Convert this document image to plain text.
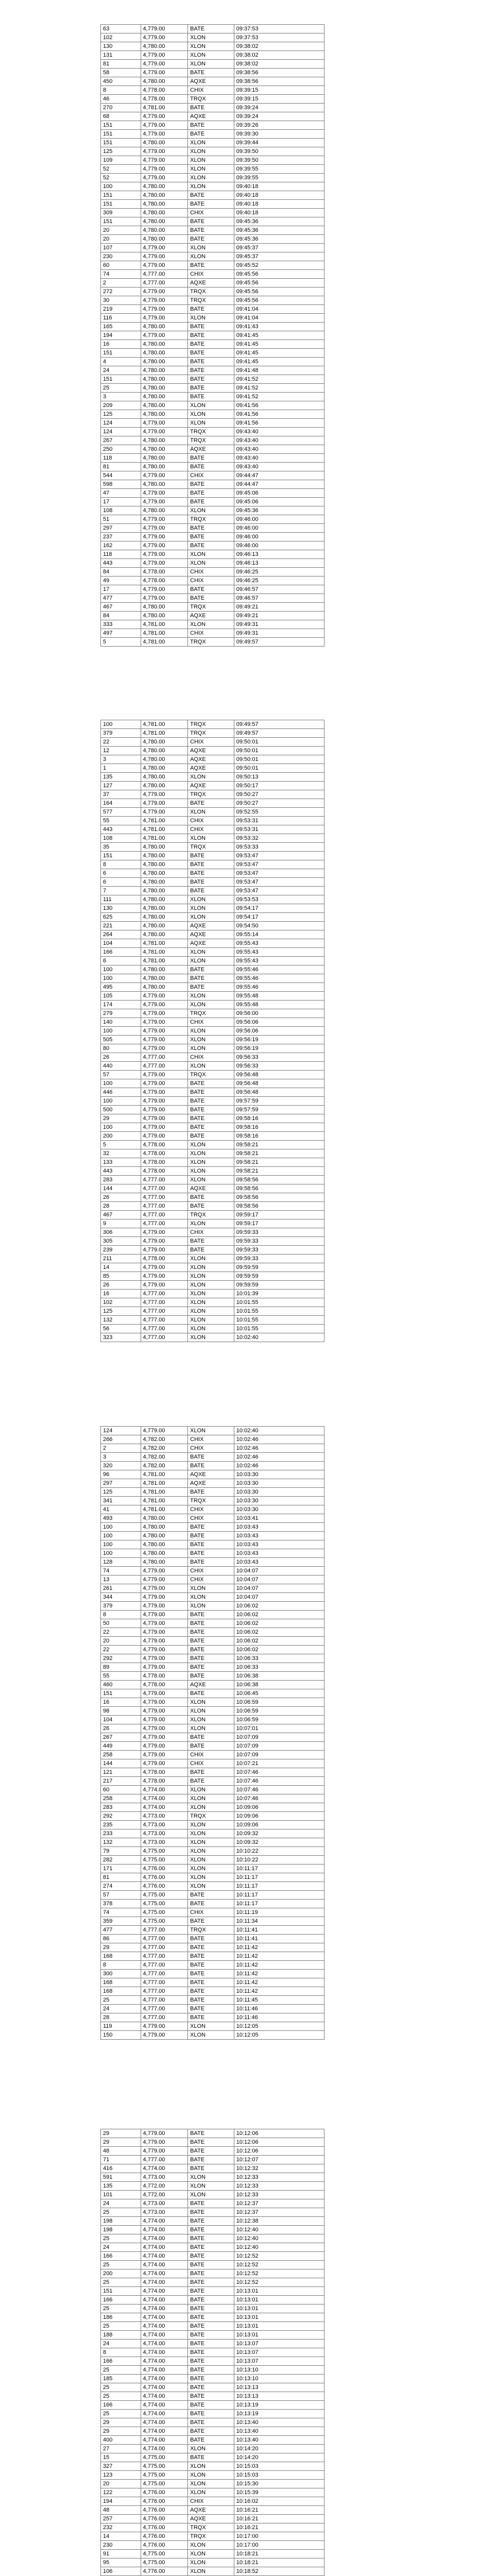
63	4,779.00	BATE	09:37:53
102	4,779.00	XLON	09:37:53
130	4,780.00	XLON	09:38:02
131	4,779.00	XLON	09:38:02
81	4,779.00	XLON	09:38:02
58	4,779.00	BATE	09:38:56
450	4,780.00	AQXE	09:38:56
8	4,778.00	CHIX	09:39:15
46	4,778.00	TRQX	09:39:15
270	4,781.00	BATE	09:39:24
68	4,779.00	AQXE	09:39:24
151	4,779.00	BATE	09:39:26
151	4,779.00	BATE	09:39:30
151	4,780.00	XLON	09:39:44
125	4,779.00	XLON	09:39:50
109	4,779.00	XLON	09:39:50
52	4,779.00	XLON	09:39:55
52	4,779.00	XLON	09:39:55
100	4,780.00	XLON	09:40:18
151	4,780.00	BATE	09:40:18
151	4,780.00	BATE	09:40:18
309	4,780.00	CHIX	09:40:18
151	4,780.00	BATE	09:45:36
20	4,780.00	BATE	09:45:36
20	4,780.00	BATE	09:45:36
107	4,779.00	XLON	09:45:37
230	4,779.00	XLON	09:45:37
60	4,779.00	BATE	09:45:52
74	4,777.00	CHIX	09:45:56
2	4,777.00	AQXE	09:45:56
272	4,779.00	TRQX	09:45:56
30	4,779.00	TRQX	09:45:56
219	4,779.00	BATE	09:41:04
116	4,779.00	XLON	09:41:04
165	4,780.00	BATE	09:41:43
194	4,779.00	BATE	09:41:45
16	4,780.00	BATE	09:41:45
151	4,780.00	BATE	09:41:45
4	4,780.00	BATE	09:41:45
24	4,780.00	BATE	09:41:48
151	4,780.00	BATE	09:41:52
25	4,780.00	BATE	09:41:52
3	4,780.00	BATE	09:41:52
209	4,780.00	XLON	09:41:56
125	4,780.00	XLON	09:41:56
124	4,779.00	XLON	09:41:56
124	4,779.00	TRQX	09:43:40
267	4,780.00	TRQX	09:43:40
250	4,780.00	AQXE	09:43:40
118	4,780.00	BATE	09:43:40
81	4,780.00	BATE	09:43:40
544	4,779.00	CHIX	09:44:47
598	4,780.00	BATE	09:44:47
47	4,779.00	BATE	09:45:06
17	4,779.00	BATE	09:45:06
108	4,780.00	XLON	09:45:36
51	4,779.00	TRQX	09:46:00
297	4,779.00	BATE	09:46:00
237	4,779.00	BATE	09:46:00
162	4,779.00	BATE	09:46:00
118	4,779.00	XLON	09:46:13
443	4,779.00	XLON	09:46:13
84	4,778.00	CHIX	09:46:25
49	4,778.00	CHIX	09:46:25
17	4,779.00	BATE	09:46:57
477	4,779.00	BATE	09:46:57
467	4,780.00	TRQX	09:49:21
84	4,780.00	AQXE	09:49:21
333	4,781.00	XLON	09:49:31
497	4,781.00	CHIX	09:49:31
5	4,781.00	TRQX	09:49:57
100	4,781.00	TRQX	09:49:57
379	4,781.00	TRQX	09:49:57
22	4,780.00	CHIX	09:50:01
12	4,780.00	AQXE	09:50:01
3	4,780.00	AQXE	09:50:01
1	4,780.00	AQXE	09:50:01
135	4,780.00	XLON	09:50:13
127	4,780.00	AQXE	09:50:17
37	4,779.00	TRQX	09:50:27
164	4,779.00	BATE	09:50:27
577	4,779.00	XLON	09:52:55
55	4,781.00	CHIX	09:53:31
443	4,781.00	CHIX	09:53:31
108	4,781.00	XLON	09:53:32
35	4,780.00	TRQX	09:53:33
151	4,780.00	BATE	09:53:47
8	4,780.00	BATE	09:53:47
6	4,780.00	BATE	09:53:47
6	4,780.00	BATE	09:53:47
7	4,780.00	BATE	09:53:47
111	4,780.00	XLON	09:53:53
130	4,780.00	XLON	09:54:17
625	4,780.00	XLON	09:54:17
221	4,780.00	AQXE	09:54:50
264	4,780.00	AQXE	09:55:14
104	4,781.00	AQXE	09:55:43
166	4,781.00	XLON	09:55:43
6	4,781.00	XLON	09:55:43
100	4,780.00	BATE	09:55:46
100	4,780.00	BATE	09:55:46
495	4,780.00	BATE	09:55:46
105	4,779.00	XLON	09:55:48
174	4,779.00	XLON	09:55:48
279	4,779.00	TRQX	09:56:00
140	4,779.00	CHIX	09:56:06
100	4,779.00	XLON	09:56:06
505	4,779.00	XLON	09:56:19
80	4,779.00	XLON	09:56:19
26	4,777.00	CHIX	09:56:33
440	4,777.00	XLON	09:56:33
57	4,779.00	TRQX	09:56:48
100	4,779.00	BATE	09:56:48
446	4,779.00	BATE	09:56:48
100	4,779.00	BATE	09:57:59
500	4,779.00	BATE	09:57:59
29	4,779.00	BATE	09:58:16
100	4,779.00	BATE	09:58:16
200	4,779.00	BATE	09:58:16
5	4,778.00	XLON	09:58:21
32	4,778.00	XLON	09:58:21
133	4,778.00	XLON	09:58:21
443	4,778.00	XLON	09:58:21
283	4,777.00	XLON	09:58:56
144	4,777.00	AQXE	09:58:56
26	4,777.00	BATE	09:58:56
28	4,777.00	BATE	09:58:56
467	4,777.00	TRQX	09:59:17
9	4,777.00	XLON	09:59:17
306	4,779.00	CHIX	09:59:33
305	4,779.00	BATE	09:59:33
239	4,779.00	BATE	09:59:33
211	4,778.00	XLON	09:59:33
14	4,779.00	XLON	09:59:59
85	4,779.00	XLON	09:59:59
26	4,779.00	XLON	09:59:59
16	4,777.00	XLON	10:01:39
102	4,777.00	XLON	10:01:55
125	4,777.00	XLON	10:01:55
132	4,777.00	XLON	10:01:55
56	4,777.00	XLON	10:01:55
323	4,777.00	XLON	10:02:40
124	4,779.00	XLON	10:02:40
266	4,782.00	CHIX	10:02:46
2	4,782.00	CHIX	10:02:46
3	4,782.00	BATE	10:02:46
320	4,782.00	BATE	10:02:46
96	4,781.00	AQXE	10:03:30
297	4,781.00	AQXE	10:03:30
125	4,781.00	BATE	10:03:30
341	4,781.00	TRQX	10:03:30
41	4,781.00	CHIX	10:03:30
493	4,780.00	CHIX	10:03:41
100	4,780.00	BATE	10:03:43
100	4,780.00	BATE	10:03:43
100	4,780.00	BATE	10:03:43
100	4,780.00	BATE	10:03:43
128	4,780.00	BATE	10:03:43
74	4,779.00	CHIX	10:04:07
13	4,779.00	CHIX	10:04:07
261	4,779.00	XLON	10:04:07
344	4,779.00	XLON	10:04:07
379	4,779.00	XLON	10:06:02
8	4,779.00	BATE	10:06:02
50	4,779.00	BATE	10:06:02
22	4,779.00	BATE	10:06:02
20	4,779.00	BATE	10:06:02
22	4,779.00	BATE	10:06:02
292	4,779.00	BATE	10:06:33
89	4,779.00	BATE	10:06:33
55	4,778.00	BATE	10:06:38
460	4,778.00	AQXE	10:06:38
151	4,779.00	BATE	10:06:45
16	4,779.00	XLON	10:06:59
98	4,779.00	XLON	10:06:59
104	4,779.00	XLON	10:06:59
26	4,779.00	XLON	10:07:01
267	4,779.00	BATE	10:07:09
449	4,779.00	BATE	10:07:09
258	4,779.00	CHIX	10:07:09
144	4,779.00	CHIX	10:07:21
121	4,778.00	BATE	10:07:46
217	4,778.00	BATE	10:07:46
60	4,774.00	XLON	10:07:46
258	4,774.00	XLON	10:07:46
283	4,774.00	XLON	10:09:06
292	4,773.00	TRQX	10:09:06
235	4,773.00	XLON	10:09:06
233	4,773.00	XLON	10:09:32
132	4,773.00	XLON	10:09:32
79	4,775.00	XLON	10:10:22
282	4,775.00	XLON	10:10:22
171	4,776.00	XLON	10:11:17
81	4,776.00	XLON	10:11:17
274	4,776.00	XLON	10:11:17
57	4,775.00	BATE	10:11:17
378	4,775.00	BATE	10:11:17
74	4,775.00	CHIX	10:11:19
359	4,775.00	BATE	10:11:34
477	4,777.00	TRQX	10:11:41
86	4,777.00	BATE	10:11:41
29	4,777.00	BATE	10:11:42
168	4,777.00	BATE	10:11:42
8	4,777.00	BATE	10:11:42
300	4,777.00	BATE	10:11:42
168	4,777.00	BATE	10:11:42
168	4,777.00	BATE	10:11:42
25	4,777.00	BATE	10:11:45
24	4,777.00	BATE	10:11:46
28	4,777.00	BATE	10:11:46
119	4,779.00	XLON	10:12:05
150	4,779.00	XLON	10:12:05
29	4,779.00	BATE	10:12:06
29	4,779.00	BATE	10:12:06
48	4,779.00	BATE	10:12:06
71	4,777.00	BATE	10:12:07
416	4,774.00	BATE	10:12:32
591	4,773.00	XLON	10:12:33
135	4,772.00	XLON	10:12:33
101	4,772.00	XLON	10:12:33
24	4,773.00	BATE	10:12:37
25	4,773.00	BATE	10:12:37
198	4,774.00	BATE	10:12:38
198	4,774.00	BATE	10:12:40
25	4,774.00	BATE	10:12:40
24	4,774.00	BATE	10:12:40
166	4,774.00	BATE	10:12:52
25	4,774.00	BATE	10:12:52
200	4,774.00	BATE	10:12:52
25	4,774.00	BATE	10:12:52
151	4,774.00	BATE	10:13:01
166	4,774.00	BATE	10:13:01
25	4,774.00	BATE	10:13:01
186	4,774.00	BATE	10:13:01
25	4,774.00	BATE	10:13:01
188	4,774.00	BATE	10:13:01
24	4,774.00	BATE	10:13:07
8	4,774.00	BATE	10:13:07
166	4,774.00	BATE	10:13:07
25	4,774.00	BATE	10:13:10
185	4,774.00	BATE	10:13:10
25	4,774.00	BATE	10:13:13
25	4,774.00	BATE	10:13:13
166	4,774.00	BATE	10:13:19
25	4,774.00	BATE	10:13:19
29	4,774.00	BATE	10:13:40
29	4,774.00	BATE	10:13:40
400	4,774.00	BATE	10:13:40
27	4,774.00	XLON	10:14:20
15	4,775.00	BATE	10:14:20
327	4,775.00	XLON	10:15:03
123	4,775.00	XLON	10:15:03
20	4,775.00	XLON	10:15:30
122	4,776.00	XLON	10:15:39
194	4,776.00	CHIX	10:16:02
48	4,776.00	AQXE	10:16:21
257	4,776.00	AQXE	10:16:21
232	4,776.00	TRQX	10:16:21
14	4,776.00	TRQX	10:17:00
230	4,776.00	XLON	10:17:00
91	4,775.00	XLON	10:18:21
95	4,775.00	XLON	10:18:21
106	4,776.00	XLON	10:18:52
